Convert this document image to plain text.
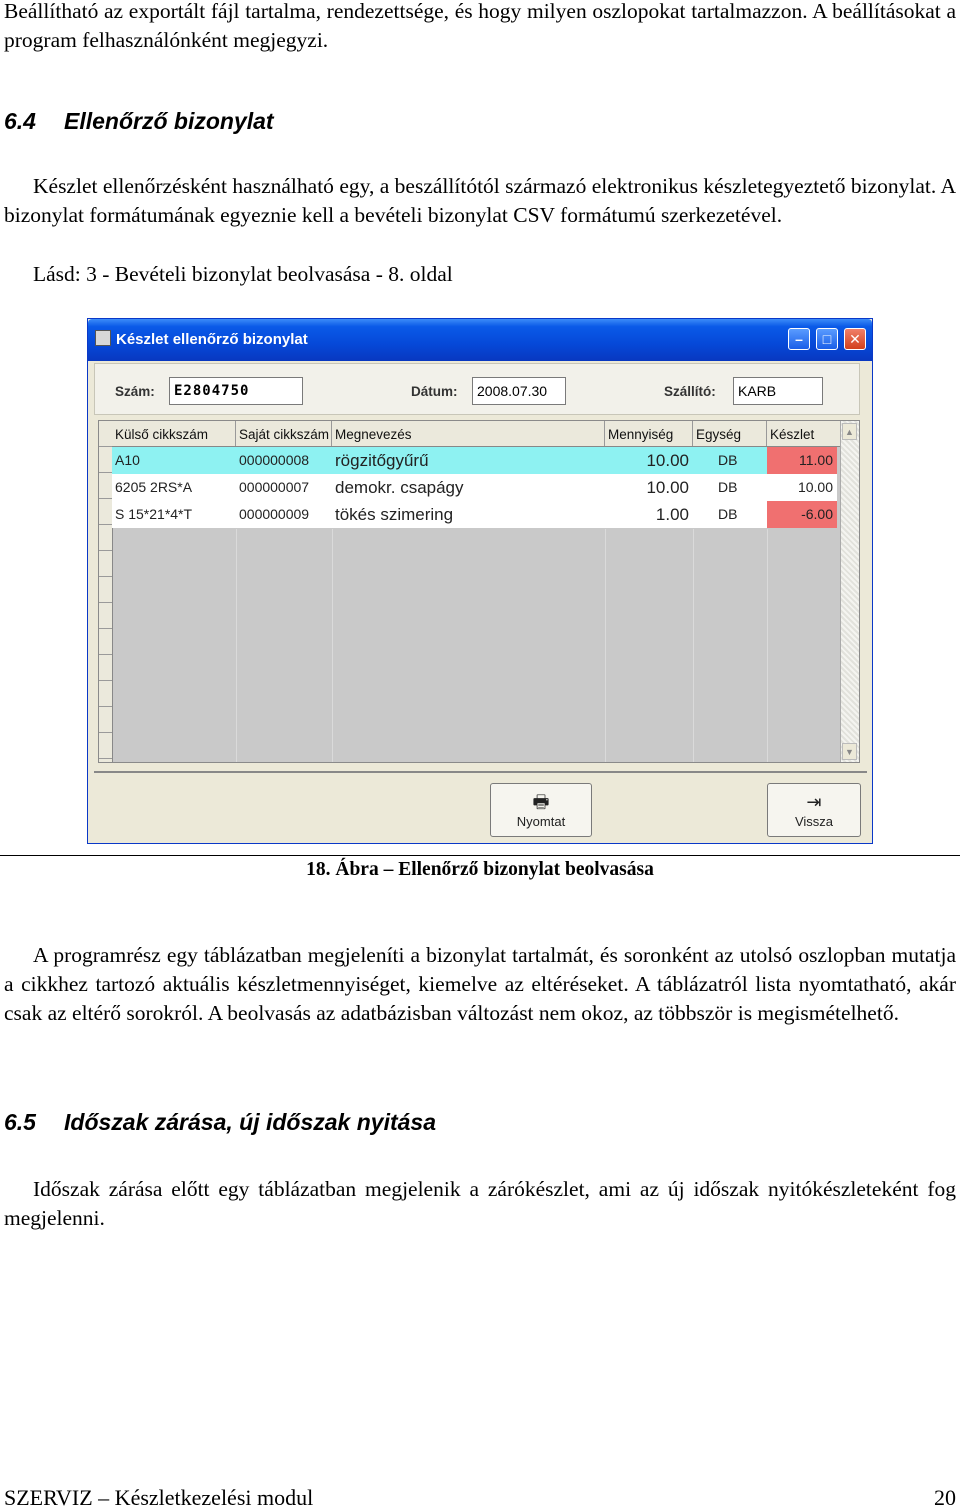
Beállítható az exportált fájl tartalma, rendezettsége, és hogy milyen oszlopokat tartalmazzon. A beállításokat a program felhasználónként megjegyzi.

6.4 Ellenőrző bizonylat

Készlet ellenőrzésként használható egy, a beszállítótól származó elektronikus készletegyeztető bizonylat. A bizonylat formátumának egyeznie kell a bevételi bizonylat CSV formátumú szerkezetével.

Lásd: 3 - Bevételi bizonylat beolvasása - 8. oldal

Készlet ellenőrző bizonylat	–	□	✕
Szám:	E2804750	Dátum:	2008.07.30	Szállító:	KARB
Külső cikkszám	Saját cikkszám Megnevezés	Mennyiség	Egység	Készlet
A10	000000008	rögzitőgyűrű	10.00	DB	11.00
6205 2RS*A	000000007	demokr. csapágy	10.00	DB	10.00
S 15*21*4*T	000000009	tökés szimering	1.00	DB	-6.00
▲
▼
🖶
Nyomtat
⇥
Vissza
18. Ábra – Ellenőrző bizonylat beolvasása

A programrész egy táblázatban megjeleníti a bizonylat tartalmát, és soronként az utolsó oszlopban mutatja a cikkhez tartozó aktuális készletmennyiséget, kiemelve az eltéréseket. A táblázatról lista nyomtatható, akár csak az eltérő sorokról. A beolvasás az adatbázisban változást nem okoz, az többször is megismételhető.

6.5 Időszak zárása, új időszak nyitása

Időszak zárása előtt egy táblázatban megjelenik a zárókészlet, ami az új időszak nyitókészleteként fog megjelenni.

SZERVIZ – Készletkezelési modul	20
